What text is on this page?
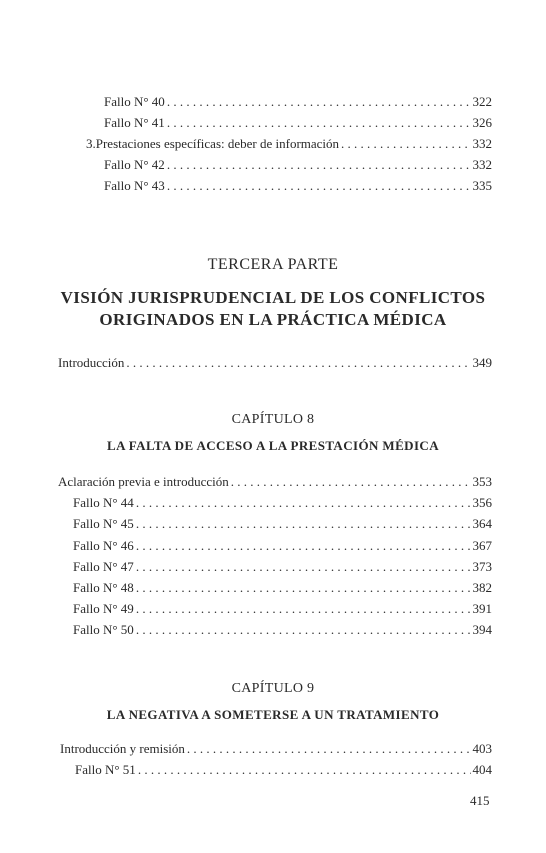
Fallo N° 40 . . .	322
Fallo N° 41 . . .	326
3. Prestaciones específicas: deber de información . . .	332
Fallo N° 42 . . .	332
Fallo N° 43 . . .	335
TERCERA PARTE
VISIÓN JURISPRUDENCIAL DE LOS CONFLICTOS
ORIGINADOS EN LA PRÁCTICA MÉDICA
Introducción . . .	349
CAPÍTULO 8
LA FALTA DE ACCESO A LA PRESTACIÓN MÉDICA
Aclaración previa e introducción . . .	353
Fallo N° 44 . . .	356
Fallo N° 45 . . .	364
Fallo N° 46 . . .	367
Fallo N° 47 . . .	373
Fallo N° 48 . . .	382
Fallo N° 49 . . .	391
Fallo N° 50 . . .	394
CAPÍTULO 9
LA NEGATIVA A SOMETERSE A UN TRATAMIENTO
Introducción y remisión . . .	403
Fallo N° 51 . . .	404
415
